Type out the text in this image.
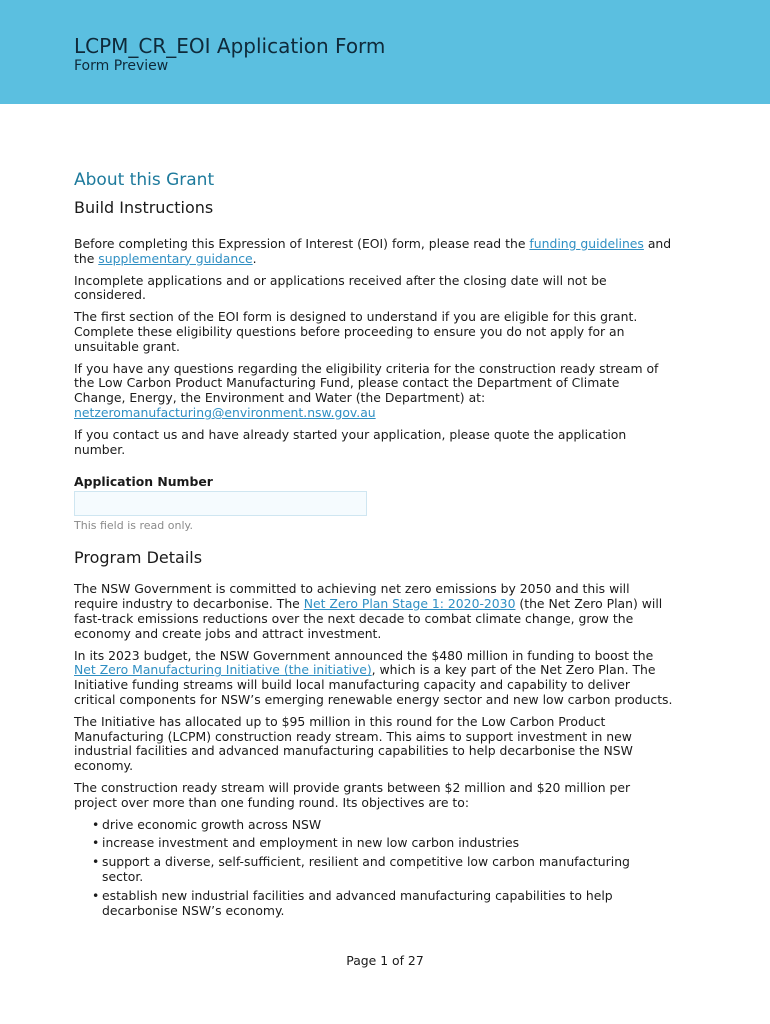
LCPM_CR_EOI Application Form
Form Preview
About this Grant
Build Instructions

Before completing this Expression of Interest (EOI) form, please read the funding guidelines and the supplementary guidance.

Incomplete applications and or applications received after the closing date will not be considered.

The first section of the EOI form is designed to understand if you are eligible for this grant. Complete these eligibility questions before proceeding to ensure you do not apply for an unsuitable grant.

If you have any questions regarding the eligibility criteria for the construction ready stream of the Low Carbon Product Manufacturing Fund, please contact the Department of Climate Change, Energy, the Environment and Water (the Department) at: netzeromanufacturing@environment.nsw.gov.au

If you contact us and have already started your application, please quote the application number.

Application Number
This field is read only.
Program Details

The NSW Government is committed to achieving net zero emissions by 2050 and this will require industry to decarbonise. The Net Zero Plan Stage 1: 2020-2030 (the Net Zero Plan) will fast-track emissions reductions over the next decade to combat climate change, grow the economy and create jobs and attract investment.

In its 2023 budget, the NSW Government announced the $480 million in funding to boost the Net Zero Manufacturing Initiative (the initiative), which is a key part of the Net Zero Plan. The Initiative funding streams will build local manufacturing capacity and capability to deliver critical components for NSW’s emerging renewable energy sector and new low carbon products.

The Initiative has allocated up to $95 million in this round for the Low Carbon Product Manufacturing (LCPM) construction ready stream. This aims to support investment in new industrial facilities and advanced manufacturing capabilities to help decarbonise the NSW economy.

The construction ready stream will provide grants between $2 million and $20 million per project over more than one funding round. Its objectives are to:

• drive economic growth across NSW
• increase investment and employment in new low carbon industries
• support a diverse, self-sufficient, resilient and competitive low carbon manufacturing sector.
• establish new industrial facilities and advanced manufacturing capabilities to help decarbonise NSW’s economy.
Page 1 of 27
